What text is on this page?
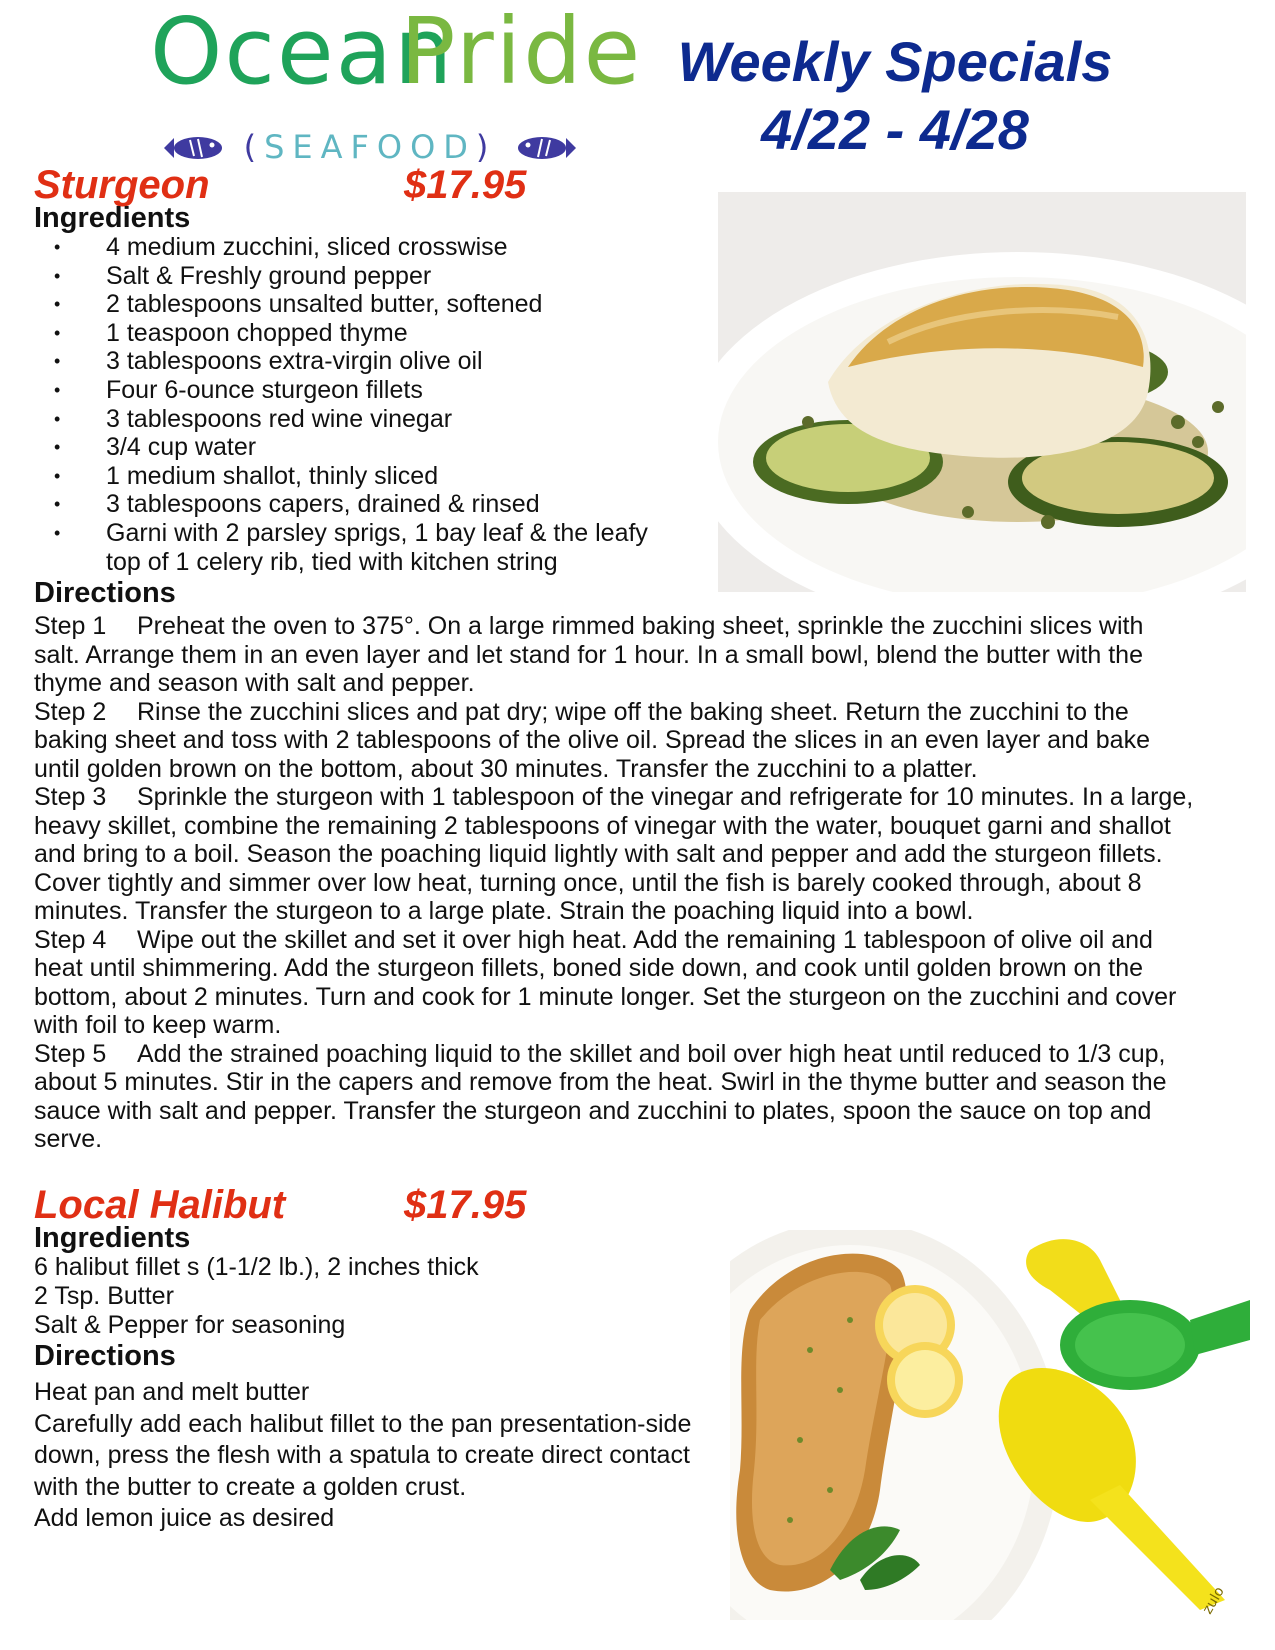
Ocean
Pride
( SEAFOOD )
Weekly Specials
4/22 - 4/28
Sturgeon	$17.95
Ingredients
• 4 medium zucchini, sliced crosswise
• Salt & Freshly ground pepper
• 2 tablespoons unsalted butter, softened
• 1 teaspoon chopped thyme
• 3 tablespoons extra-virgin olive oil
• Four 6-ounce sturgeon fillets
• 3 tablespoons red wine vinegar
• 3/4 cup water
• 1 medium shallot, thinly sliced
• 3 tablespoons capers, drained & rinsed
• Garni with 2 parsley sprigs, 1 bay leaf & the leafy top of 1 celery rib, tied with kitchen string
Directions

Step 1 Preheat the oven to 375°. On a large rimmed baking sheet, sprinkle the zucchini slices with salt. Arrange them in an even layer and let stand for 1 hour. In a small bowl, blend the butter with the thyme and season with salt and pepper.

Step 2 Rinse the zucchini slices and pat dry; wipe off the baking sheet. Return the zucchini to the baking sheet and toss with 2 tablespoons of the olive oil. Spread the slices in an even layer and bake until golden brown on the bottom, about 30 minutes. Transfer the zucchini to a platter.

Step 3 Sprinkle the sturgeon with 1 tablespoon of the vinegar and refrigerate for 10 minutes. In a large, heavy skillet, combine the remaining 2 tablespoons of vinegar with the water, bouquet garni and shallot and bring to a boil. Season the poaching liquid lightly with salt and pepper and add the sturgeon fillets. Cover tightly and simmer over low heat, turning once, until the fish is barely cooked through, about 8 minutes. Transfer the sturgeon to a large plate. Strain the poaching liquid into a bowl.

Step 4 Wipe out the skillet and set it over high heat. Add the remaining 1 tablespoon of olive oil and heat until shimmering. Add the sturgeon fillets, boned side down, and cook until golden brown on the bottom, about 2 minutes. Turn and cook for 1 minute longer. Set the sturgeon on the zucchini and cover with foil to keep warm.

Step 5 Add the strained poaching liquid to the skillet and boil over high heat until reduced to 1/3 cup, about 5 minutes. Stir in the capers and remove from the heat. Swirl in the thyme butter and season the sauce with salt and pepper. Transfer the sturgeon and zucchini to plates, spoon the sauce on top and serve.

Local Halibut	$17.95
Ingredients

6 halibut fillet s (1-1/2 lb.), 2 inches thick

2 Tsp. Butter

Salt & Pepper for seasoning

Directions

Heat pan and melt butter

Carefully add each halibut fillet to the pan presentation-side down, press the flesh with a spatula to create direct contact with the butter to create a golden crust.

Add lemon juice as desired

zulo
